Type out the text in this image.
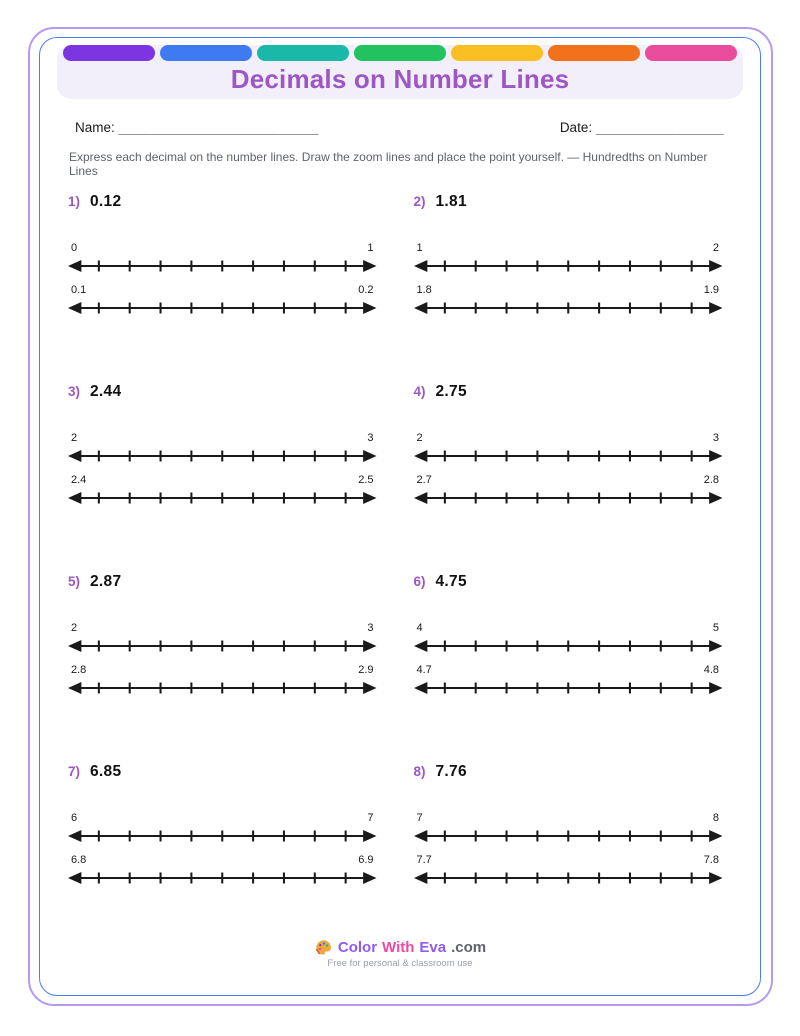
Decimals on Number Lines
Name: _________________________	Date: ________________

Express each decimal on the number lines. Draw the zoom lines and place the point yourself. — Hundredths on Number Lines

1) 0.12
0	1
0.1	0.2
2) 1.81
1	2
1.8	1.9
3) 2.44
2	3
2.4	2.5
4) 2.75
2	3
2.7	2.8
5) 2.87
2	3
2.8	2.9
6) 4.75
4	5
4.7	4.8
7) 6.85
6	7
6.8	6.9
8) 7.76
7	8
7.7	7.8
Color With Eva .com
Free for personal & classroom use
